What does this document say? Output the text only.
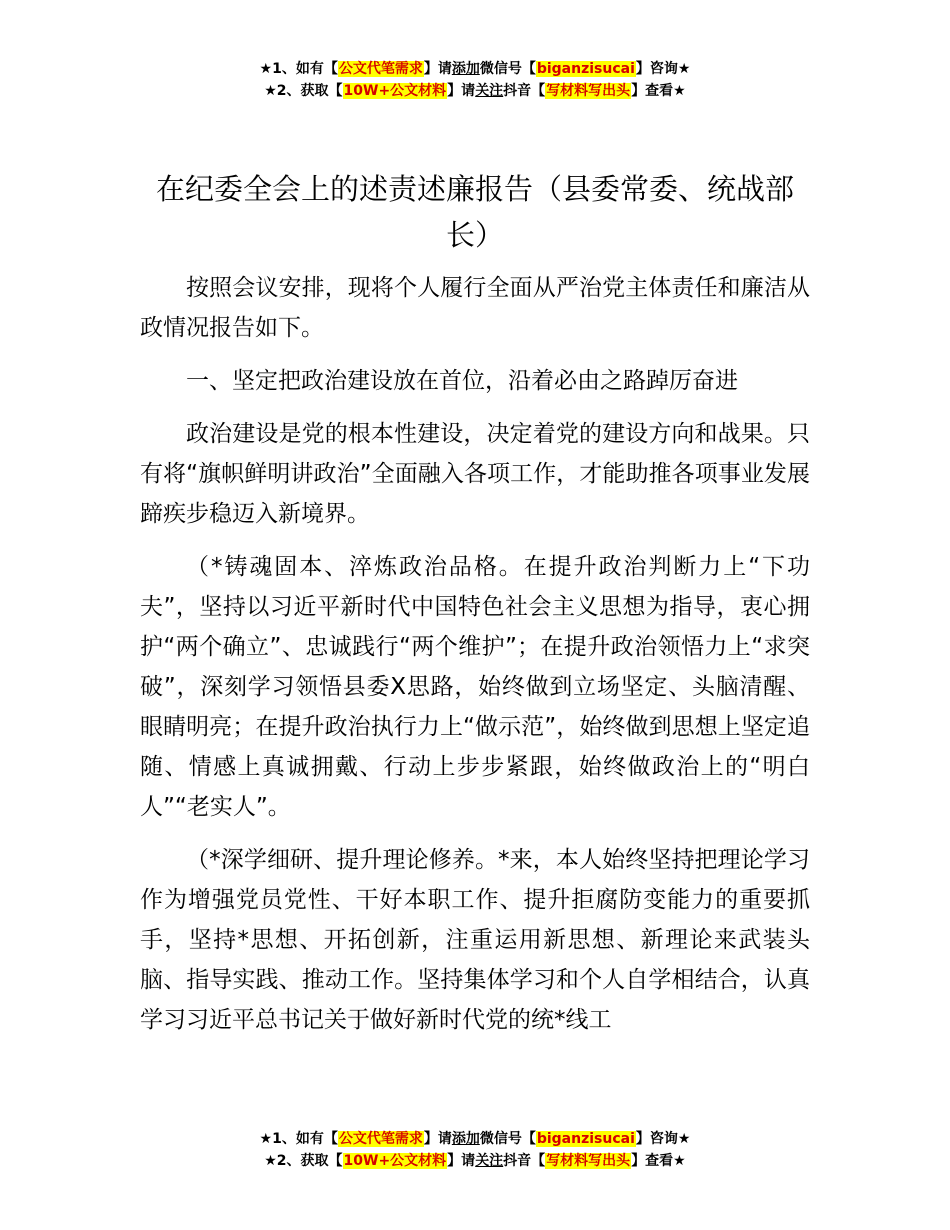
★1、如有【公文代笔需求】请添加微信号【biganzisucai】咨询★
★2、获取【10W+公文材料】请关注抖音【写材料写出头】查看★
在纪委全会上的述责述廉报告（县委常委、统战部长）

按照会议安排，现将个人履行全面从严治党主体责任和廉洁从政情况报告如下。

一、坚定把政治建设放在首位，沿着必由之路踔厉奋进

政治建设是党的根本性建设，决定着党的建设方向和战果。只有将“旗帜鲜明讲政治”全面融入各项工作，才能助推各项事业发展蹄疾步稳迈入新境界。

（*铸魂固本、淬炼政治品格。在提升政治判断力上“下功夫”，坚持以习近平新时代中国特色社会主义思想为指导，衷心拥护“两个确立”、忠诚践行“两个维护”；在提升政治领悟力上“求突破”，深刻学习领悟县委X思路，始终做到立场坚定、头脑清醒、眼睛明亮；在提升政治执行力上“做示范”，始终做到思想上坚定追随、情感上真诚拥戴、行动上步步紧跟，始终做政治上的“明白人”“老实人”。

（*深学细研、提升理论修养。*来，本人始终坚持把理论学习作为增强党员党性、干好本职工作、提升拒腐防变能力的重要抓手，坚持*思想、开拓创新，注重运用新思想、新理论来武装头脑、指导实践、推动工作。坚持集体学习和个人自学相结合，认真学习习近平总书记关于做好新时代党的统*线工

★1、如有【公文代笔需求】请添加微信号【biganzisucai】咨询★
★2、获取【10W+公文材料】请关注抖音【写材料写出头】查看★
